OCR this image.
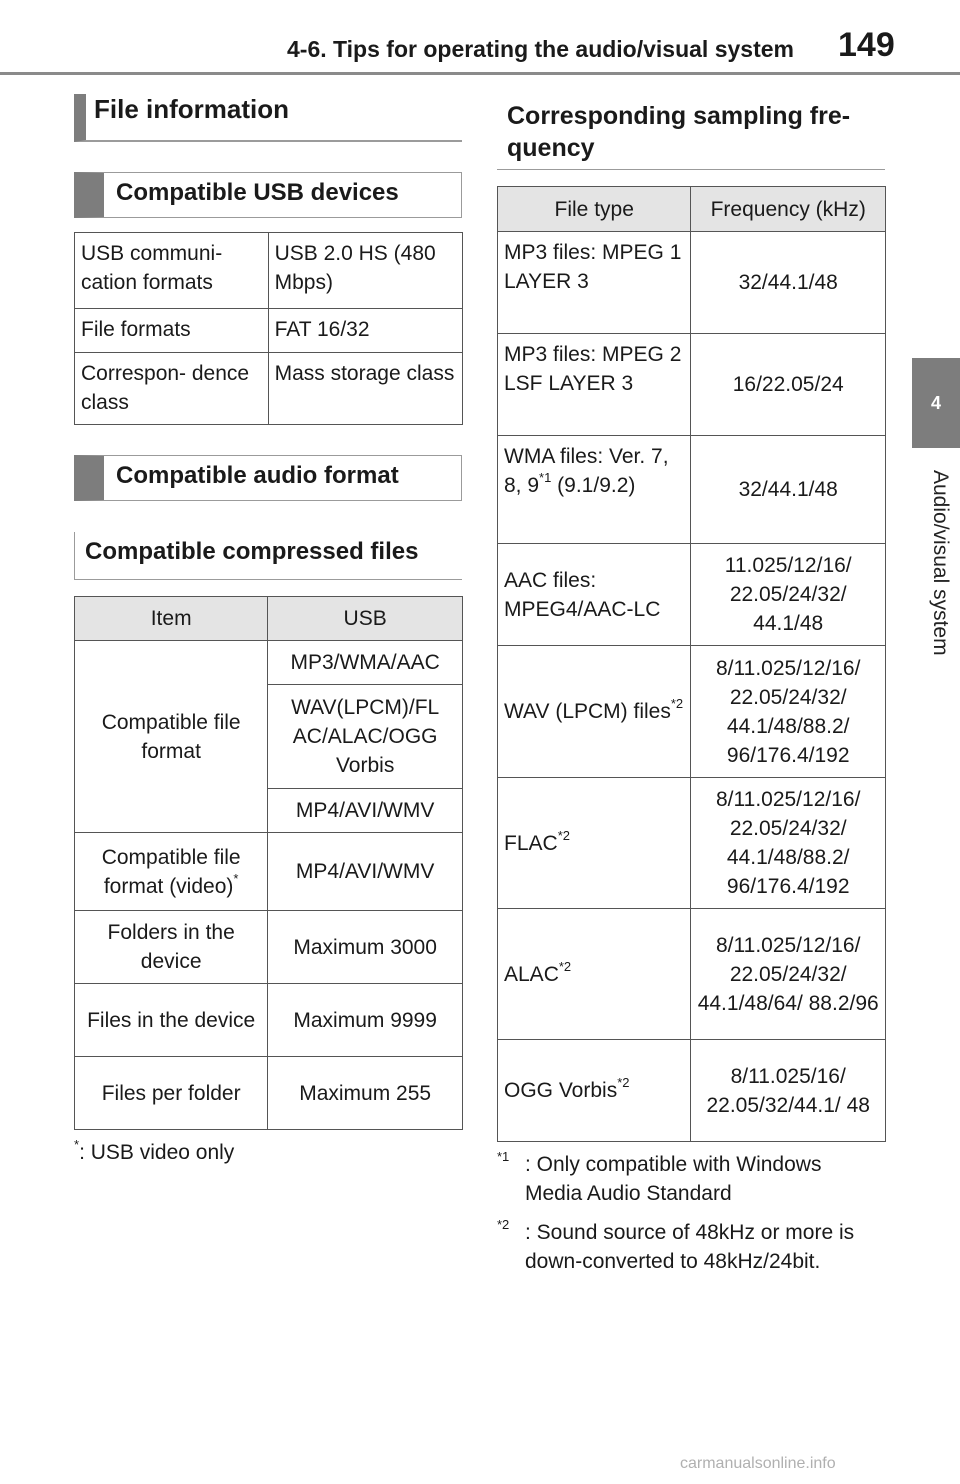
4-6. Tips for operating the audio/visual system 149
4
Audio/visual system
File information
Compatible USB devices
USB communi- cation formats	USB 2.0 HS (480 Mbps)
File formats	FAT 16/32
Correspon- dence class	Mass storage class
Compatible audio format
Compatible compressed files
Item	USB
Compatible file format	MP3/WMA/AAC
	WAV(LPCM)/FL AC/ALAC/OGG Vorbis
	MP4/AVI/WMV
Compatible file format (video)*	MP4/AVI/WMV
Folders in the device	Maximum 3000
Files in the device	Maximum 9999
Files per folder	Maximum 255
*: USB video only
Corresponding sampling fre- quency
File type	Frequency (kHz)
MP3 files: MPEG 1 LAYER 3	32/44.1/48
MP3 files: MPEG 2 LSF LAYER 3	16/22.05/24
WMA files: Ver. 7, 8, 9$^{*1}$ (9.1/9.2)	32/44.1/48
AAC files: MPEG4/AAC-LC	11.025/12/16/ 22.05/24/32/ 44.1/48
WAV (LPCM) files$^{*2}$	8/11.025/12/16/ 22.05/24/32/ 44.1/48/88.2/ 96/176.4/192
FLAC$^{*2}$	8/11.025/12/16/ 22.05/24/32/ 44.1/48/88.2/ 96/176.4/192
ALAC$^{*2}$	8/11.025/12/16/ 22.05/24/32/ 44.1/48/64/ 88.2/96
OGG Vorbis$^{*2}$	8/11.025/16/ 22.05/32/44.1/ 48
$^{*1}$ : Only compatible with Windows Media Audio Standard
$^{*2}$ : Sound source of 48kHz or more is down-converted to 48kHz/24bit.
carmanualsonline.info
